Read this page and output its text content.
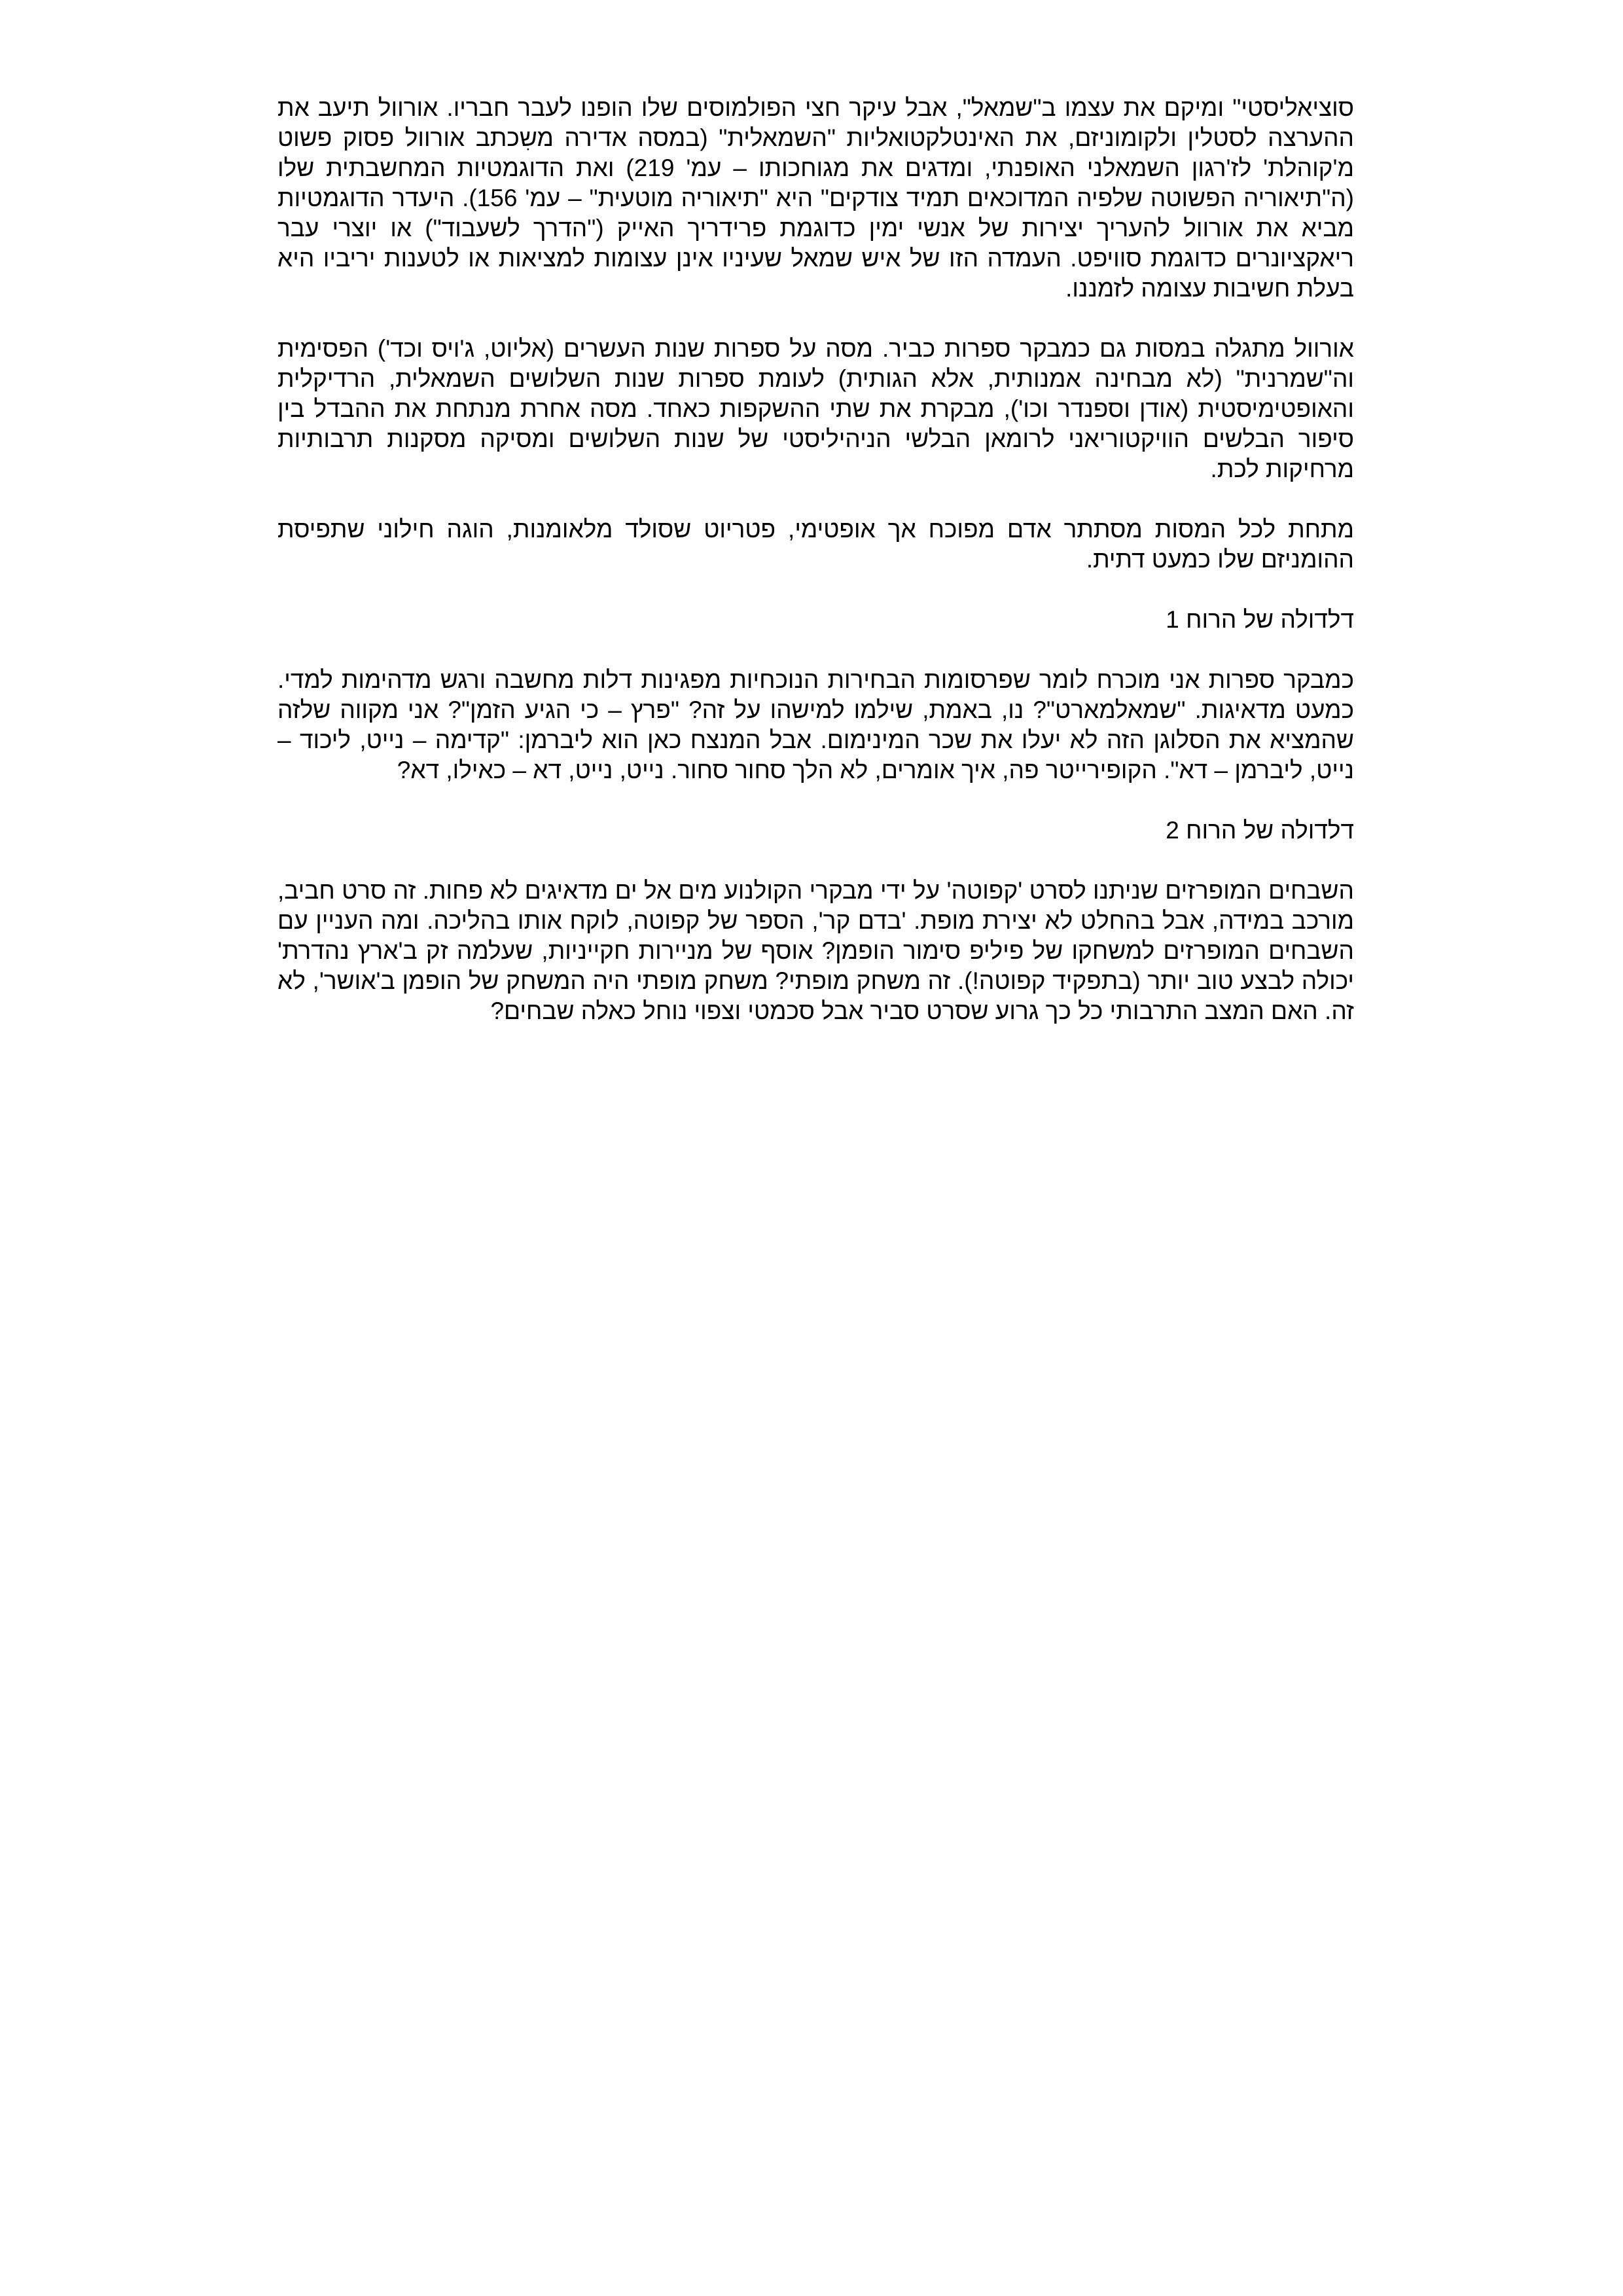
סוציאליסטי" ומיקם את עצמו ב"שמאל", אבל עיקר חצי הפולמוסים שלו הופנו לעבר חבריו. אורוול תיעב את ההערצה לסטלין ולקומוניזם, את האינטלקטואליות "השמאלית" (במסה אדירה משִכתב אורוול פסוק פשוט מ'קוהלת' לז'רגון השמאלני האופנתי, ומדגים את מגוחכותו – עמ' 219) ואת הדוגמטיות המחשבתית שלו (ה"תיאוריה הפשוטה שלפיה המדוכאים תמיד צודקים" היא "תיאוריה מוטעית" – עמ' 156). היעדר הדוגמטיות מביא את אורוול להעריך יצירות של אנשי ימין כדוגמת פרידריך האייק ("הדרך לשעבוד") או יוצרי עבר ריאקציונרים כדוגמת סוויפט. העמדה הזו של איש שמאל שעיניו אינן עצומות למציאות או לטענות יריביו היא בעלת חשיבות עצומה לזמננו.

אורוול מתגלה במסות גם כמבקר ספרות כביר. מסה על ספרות שנות העשרים (אליוט, ג'ויס וכד') הפסימית וה"שמרנית" (לא מבחינה אמנותית, אלא הגותית) לעומת ספרות שנות השלושים השמאלית, הרדיקלית והאופטימיסטית (אודן וספנדר וכו'), מבקרת את שתי ההשקפות כאחד. מסה אחרת מנתחת את ההבדל בין סיפור הבלשים הוויקטוריאני לרומאן הבלשי הניהיליסטי של שנות השלושים ומסיקה מסקנות תרבותיות מרחיקות לכת.

מתחת לכל המסות מסתתר אדם מפוכח אך אופטימי, פטריוט שסולד מלאומנות, הוגה חילוני שתפיסת ההומניזם שלו כמעט דתית.

דלדולה של הרוח 1

כמבקר ספרות אני מוכרח לומר שפרסומות הבחירות הנוכחיות מפגינות דלות מחשבה ורגש מדהימות למדי. כמעט מדאיגות. "שמאלמארט"? נו, באמת, שילמו למישהו על זה? "פרץ – כי הגיע הזמן"? אני מקווה שלזה שהמציא את הסלוגן הזה לא יעלו את שכר המינימום. אבל המנצח כאן הוא ליברמן: "קדימה – נייט, ליכוד – נייט, ליברמן – דא". הקופירייטר פה, איך אומרים, לא הלך סחור סחור. נייט, נייט, דא – כאילו, דא?

דלדולה של הרוח 2

השבחים המופרזים שניתנו לסרט 'קפוטה' על ידי מבקרי הקולנוע מים אל ים מדאיגים לא פחות. זה סרט חביב, מורכב במידה, אבל בהחלט לא יצירת מופת. 'בדם קר', הספר של קפוטה, לוקח אותו בהליכה. ומה העניין עם השבחים המופרזים למשחקו של פיליפ סימור הופמן? אוסף של מניירות חקייניות, שעלמה זק ב'ארץ נהדרת' יכולה לבצע טוב יותר (בתפקיד קפוטה!). זה משחק מופתי? משחק מופתי היה המשחק של הופמן ב'אושר', לא זה. האם המצב התרבותי כל כך גרוע שסרט סביר אבל סכמטי וצפוי נוחל כאלה שבחים?
